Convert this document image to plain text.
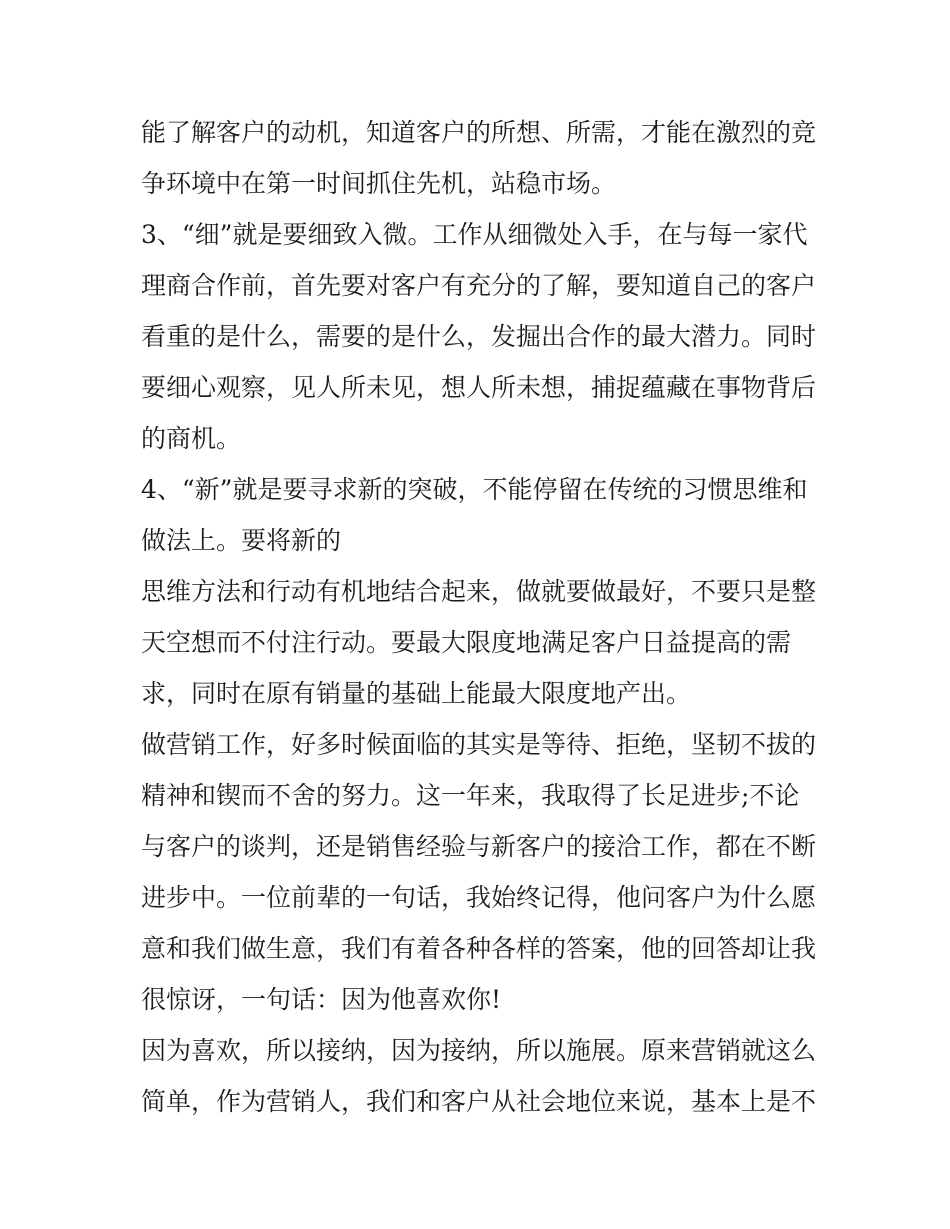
能了解客户的动机，知道客户的所想、所需，才能在激烈的竞
争环境中在第一时间抓住先机，站稳市场。
3、“细”就是要细致入微。工作从细微处入手，在与每一家代
理商合作前，首先要对客户有充分的了解，要知道自己的客户
看重的是什么，需要的是什么，发掘出合作的最大潜力。同时
要细心观察，见人所未见，想人所未想，捕捉蕴藏在事物背后
的商机。
4、“新”就是要寻求新的突破，不能停留在传统的习惯思维和
做法上。要将新的
思维方法和行动有机地结合起来，做就要做最好，不要只是整
天空想而不付注行动。要最大限度地满足客户日益提高的需
求，同时在原有销量的基础上能最大限度地产出。
做营销工作，好多时候面临的其实是等待、拒绝，坚韧不拔的
精神和锲而不舍的努力。这一年来，我取得了长足进步;不论
与客户的谈判，还是销售经验与新客户的接洽工作，都在不断
进步中。一位前辈的一句话，我始终记得，他问客户为什么愿
意和我们做生意，我们有着各种各样的答案，他的回答却让我
很惊讶，一句话：因为他喜欢你!
因为喜欢，所以接纳，因为接纳，所以施展。原来营销就这么
简单，作为营销人，我们和客户从社会地位来说，基本上是不
